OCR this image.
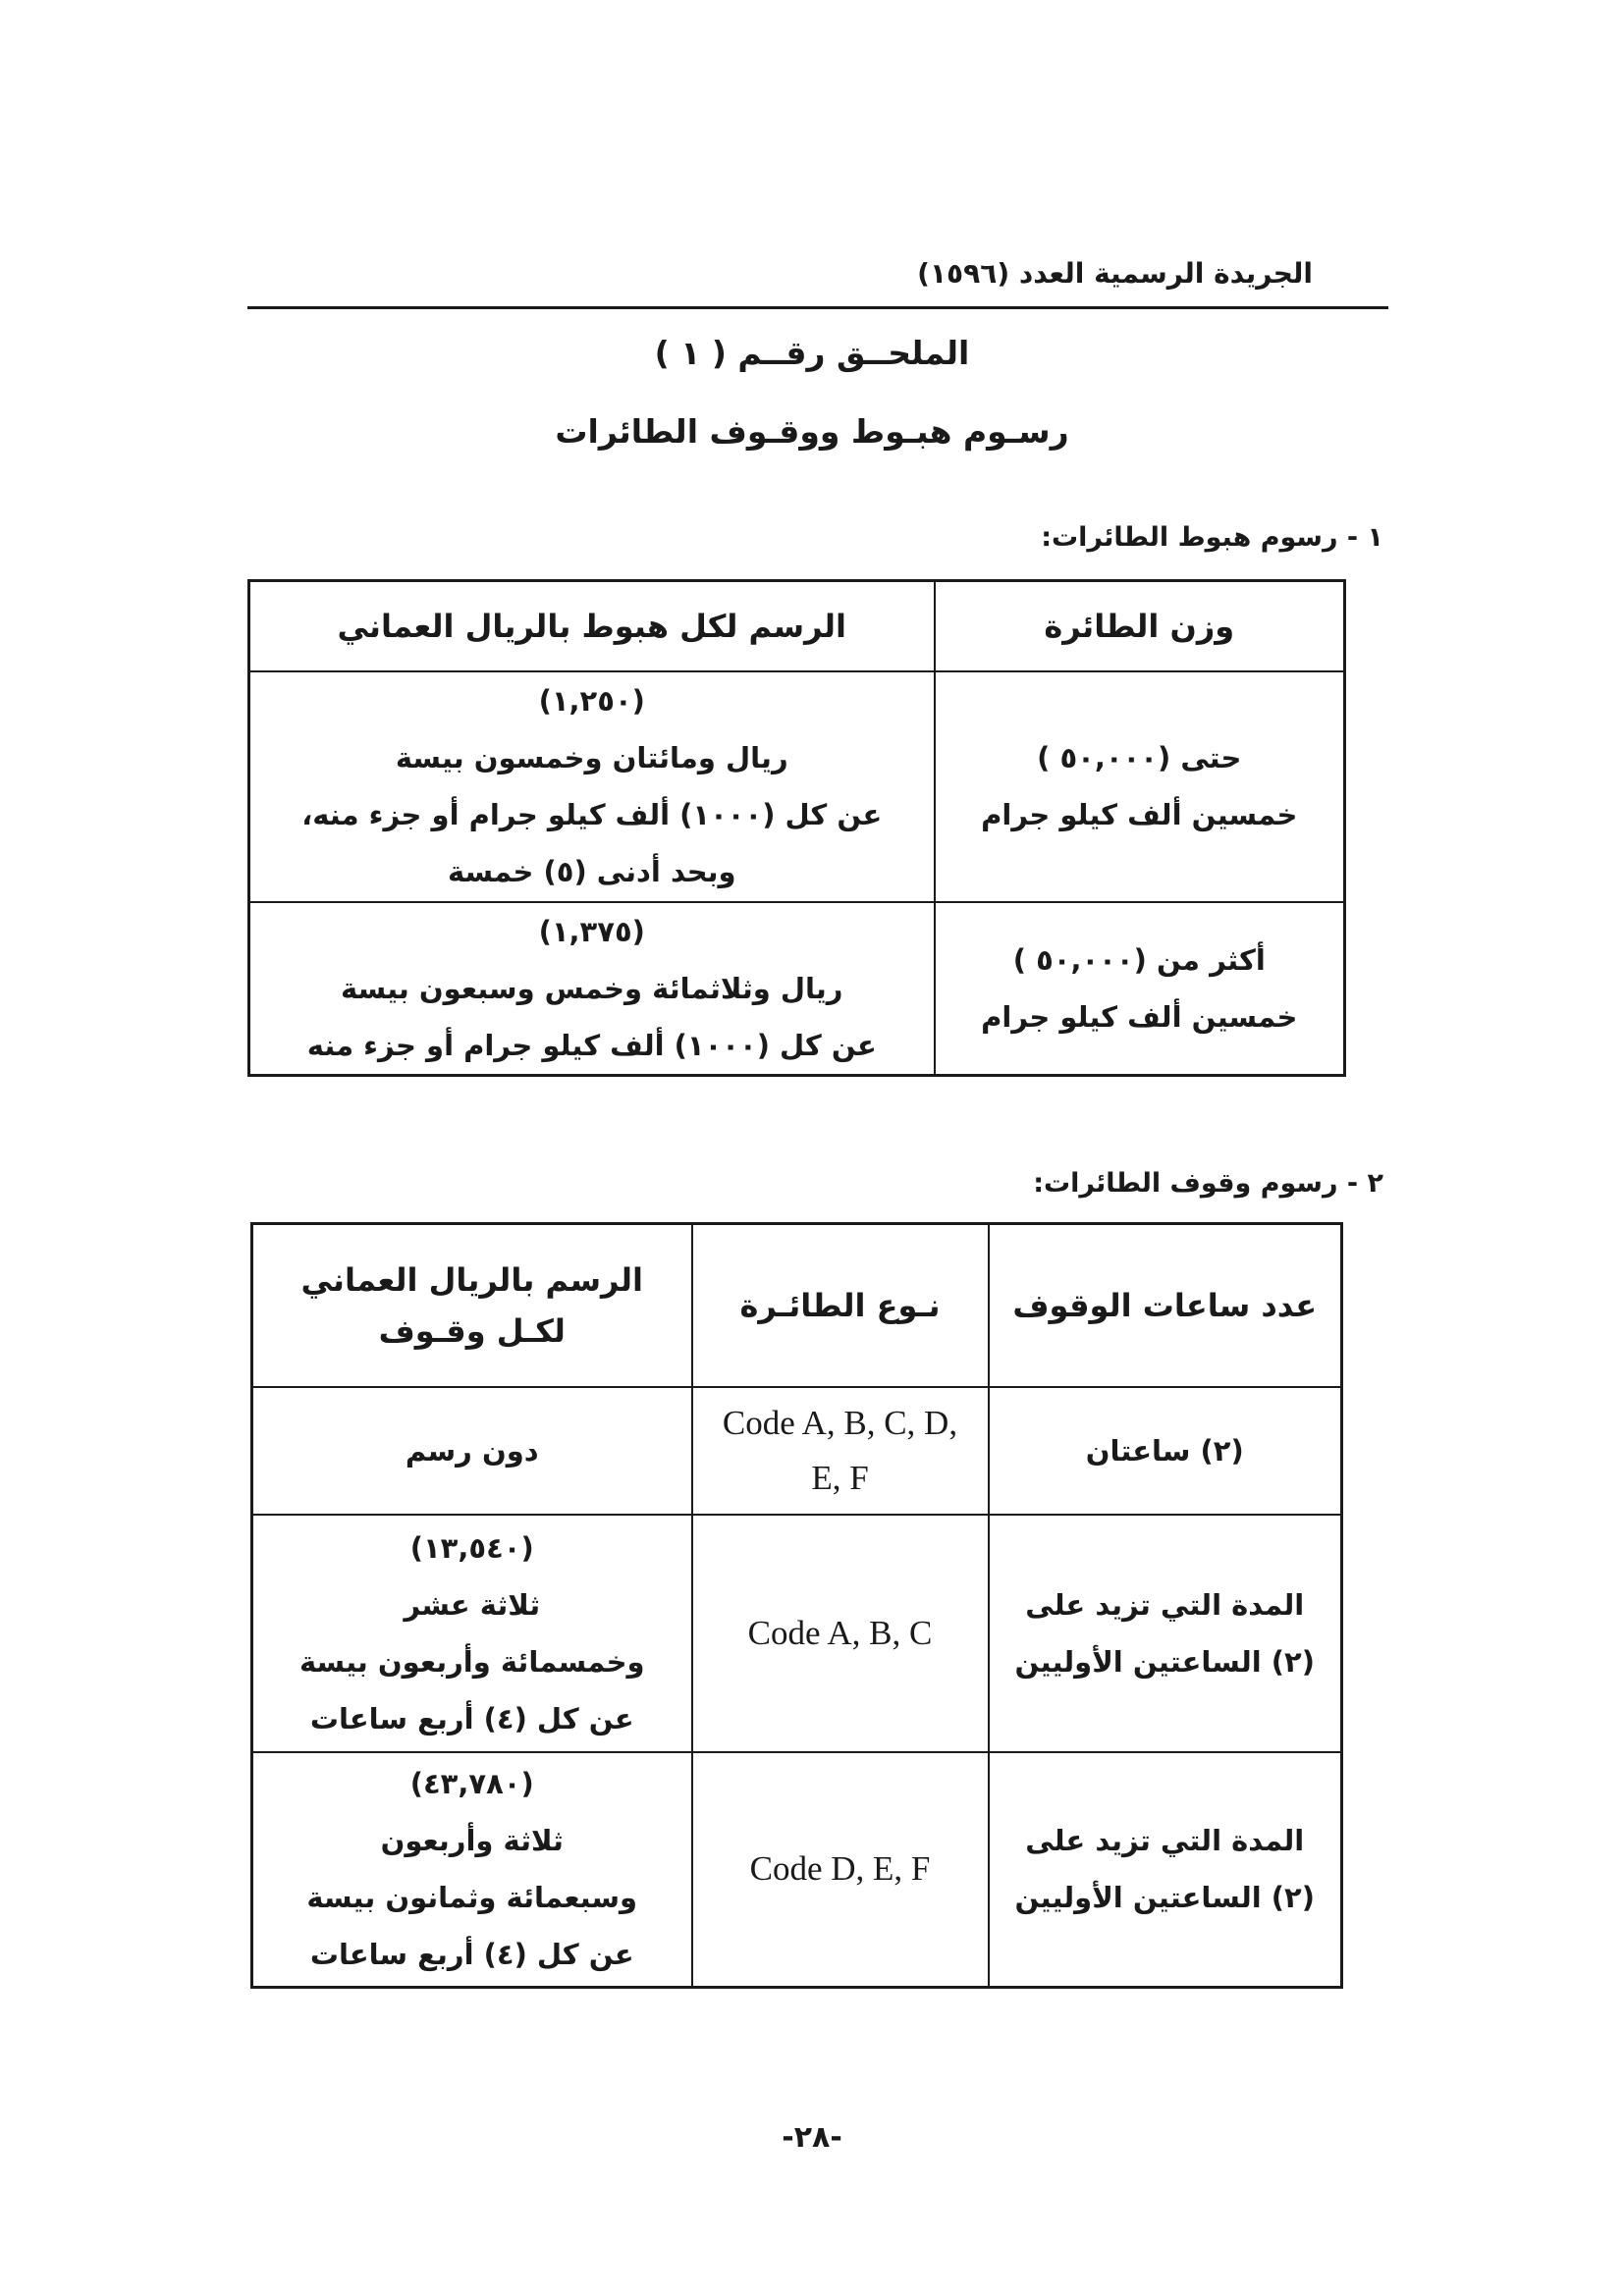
الجريدة الرسمية العدد (١٥٩٦)
الملحــق رقــم ( ١ )
رسـوم هبـوط ووقـوف الطائرات
١ - رسوم هبوط الطائرات:
وزن الطائرة	الرسم لكل هبوط بالريال العماني

حتى (٥٠,٠٠٠ )
خمسين ألف كيلو جرام	(١,٢٥٠)
ريال ومائتان وخمسون بيسة
عن كل (١٠٠٠) ألف كيلو جرام أو جزء منه،
وبحد أدنى (٥) خمسة

أكثر من (٥٠,٠٠٠ )
خمسين ألف كيلو جرام	(١,٣٧٥)
ريال وثلاثمائة وخمس وسبعون بيسة
عن كل (١٠٠٠) ألف كيلو جرام أو جزء منه
٢ - رسوم وقوف الطائرات:
عدد ساعات الوقوف	نـوع الطائـرة	الرسم بالريال العماني
لكـل وقـوف

(٢) ساعتان	Code A, B, C, D,
E, F	دون رسم

المدة التي تزيد على
(٢) الساعتين الأوليين	Code A, B, C	(١٣,٥٤٠)
ثلاثة عشر
وخمسمائة وأربعون بيسة
عن كل (٤) أربع ساعات

المدة التي تزيد على
(٢) الساعتين الأوليين	Code D, E, F	(٤٣,٧٨٠)
ثلاثة وأربعون
وسبعمائة وثمانون بيسة
عن كل (٤) أربع ساعات
-٢٨-
